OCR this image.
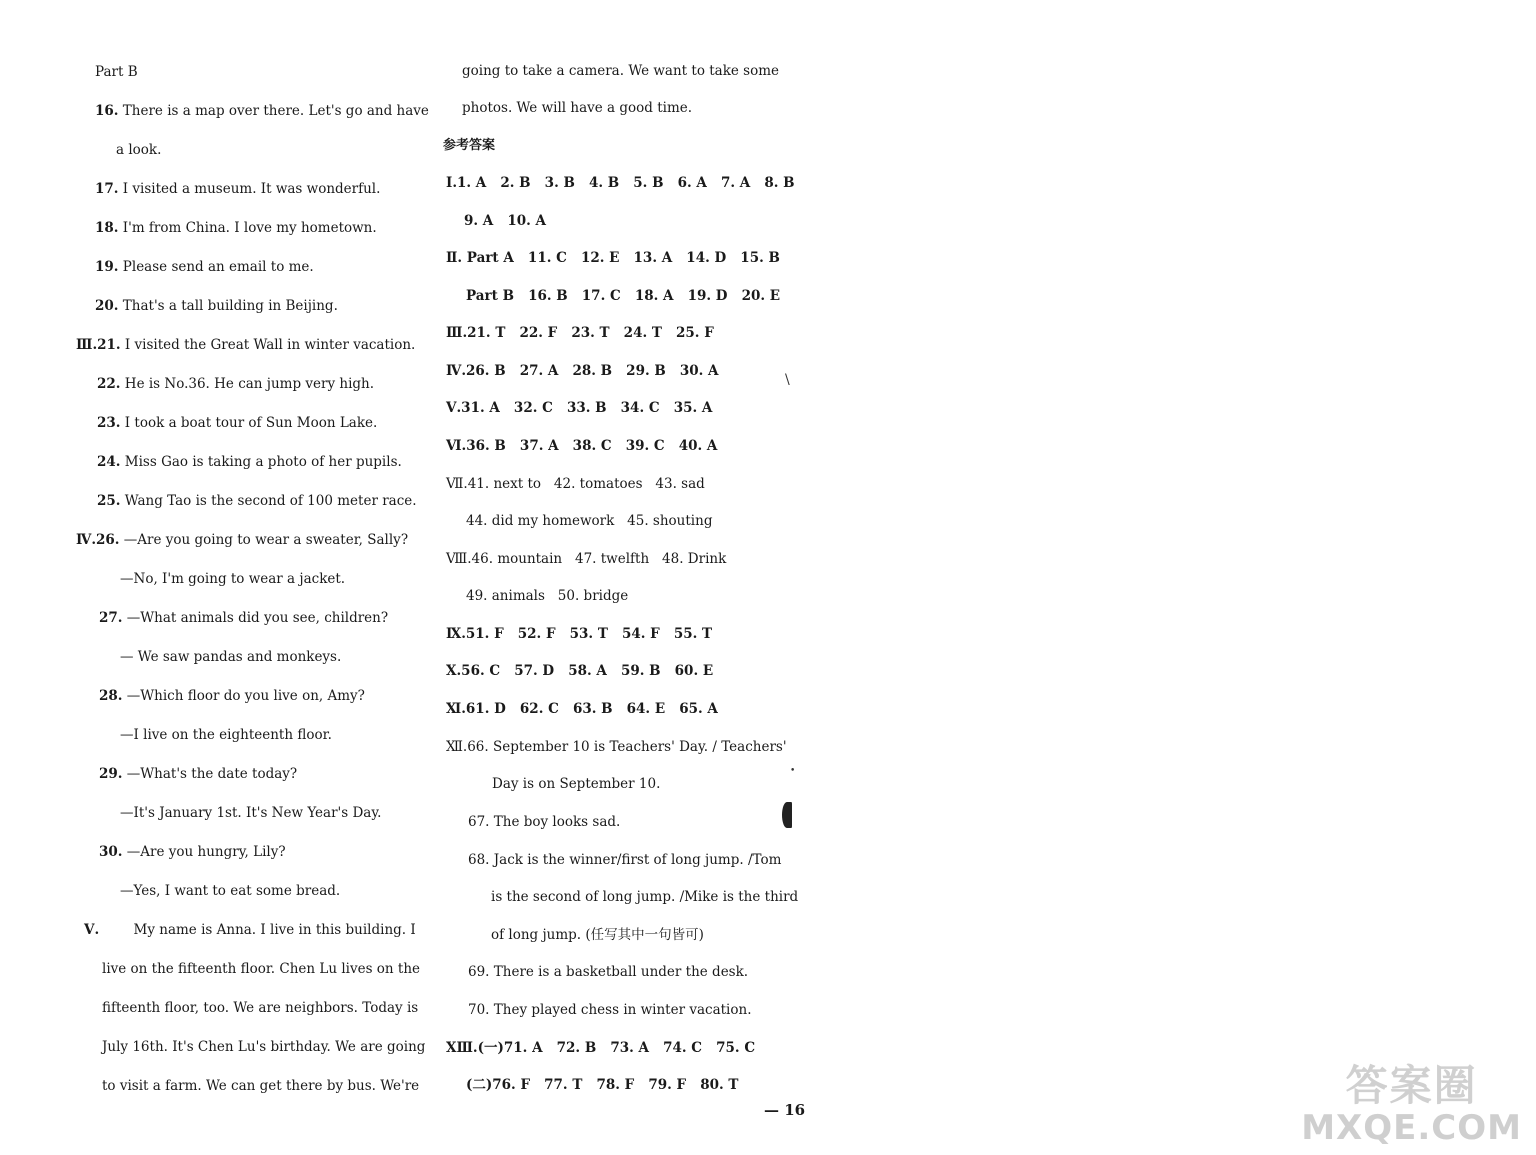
Part B
16. There is a map over there. Let's go and have
a look.
17. I visited a museum. It was wonderful.
18. I'm from China. I love my hometown.
19. Please send an email to me.
20. That's a tall building in Beijing.
Ⅲ.21. I visited the Great Wall in winter vacation.
22. He is No.36. He can jump very high.
23. I took a boat tour of Sun Moon Lake.
24. Miss Gao is taking a photo of her pupils.
25. Wang Tao is the second of 100 meter race.
Ⅳ.26. —Are you going to wear a sweater, Sally?
—No, I'm going to wear a jacket.
27. —What animals did you see, children?
— We saw pandas and monkeys.
28. —Which floor do you live on, Amy?
—I live on the eighteenth floor.
29. —What's the date today?
—It's January 1st. It's New Year's Day.
30. —Are you hungry, Lily?
—Yes, I want to eat some bread.
Ⅴ.        My name is Anna. I live in this building. I
live on the fifteenth floor. Chen Lu lives on the
fifteenth floor, too. We are neighbors. Today is
July 16th. It's Chen Lu's birthday. We are going
to visit a farm. We can get there by bus. We're
going to take a camera. We want to take some
photos. We will have a good time.
参考答案
Ⅰ.1. A   2. B   3. B   4. B   5. B   6. A   7. A   8. B
9. A   10. A
Ⅱ. Part A   11. C   12. E   13. A   14. D   15. B
Part B   16. B   17. C   18. A   19. D   20. E
Ⅲ.21. T   22. F   23. T   24. T   25. F
Ⅳ.26. B   27. A   28. B   29. B   30. A
Ⅴ.31. A   32. C   33. B   34. C   35. A
Ⅵ.36. B   37. A   38. C   39. C   40. A
Ⅶ.41. next to   42. tomatoes   43. sad
44. did my homework   45. shouting
Ⅷ.46. mountain   47. twelfth   48. Drink
49. animals   50. bridge
Ⅸ.51. F   52. F   53. T   54. F   55. T
Ⅹ.56. C   57. D   58. A   59. B   60. E
Ⅺ.61. D   62. C   63. B   64. E   65. A
Ⅻ.66. September 10 is Teachers' Day. / Teachers'
Day is on September 10.
67. The boy looks sad.
68. Jack is the winner/first of long jump. /Tom
is the second of long jump. /Mike is the third
of long jump. (任写其中一句皆可)
69. There is a basketball under the desk.
70. They played chess in winter vacation.
ⅩⅢ.(一)71. A   72. B   73. A   74. C   75. C
(二)76. F   77. T   78. F   79. F   80. T
— 16
\
•
答案圈
MXQE.COM
